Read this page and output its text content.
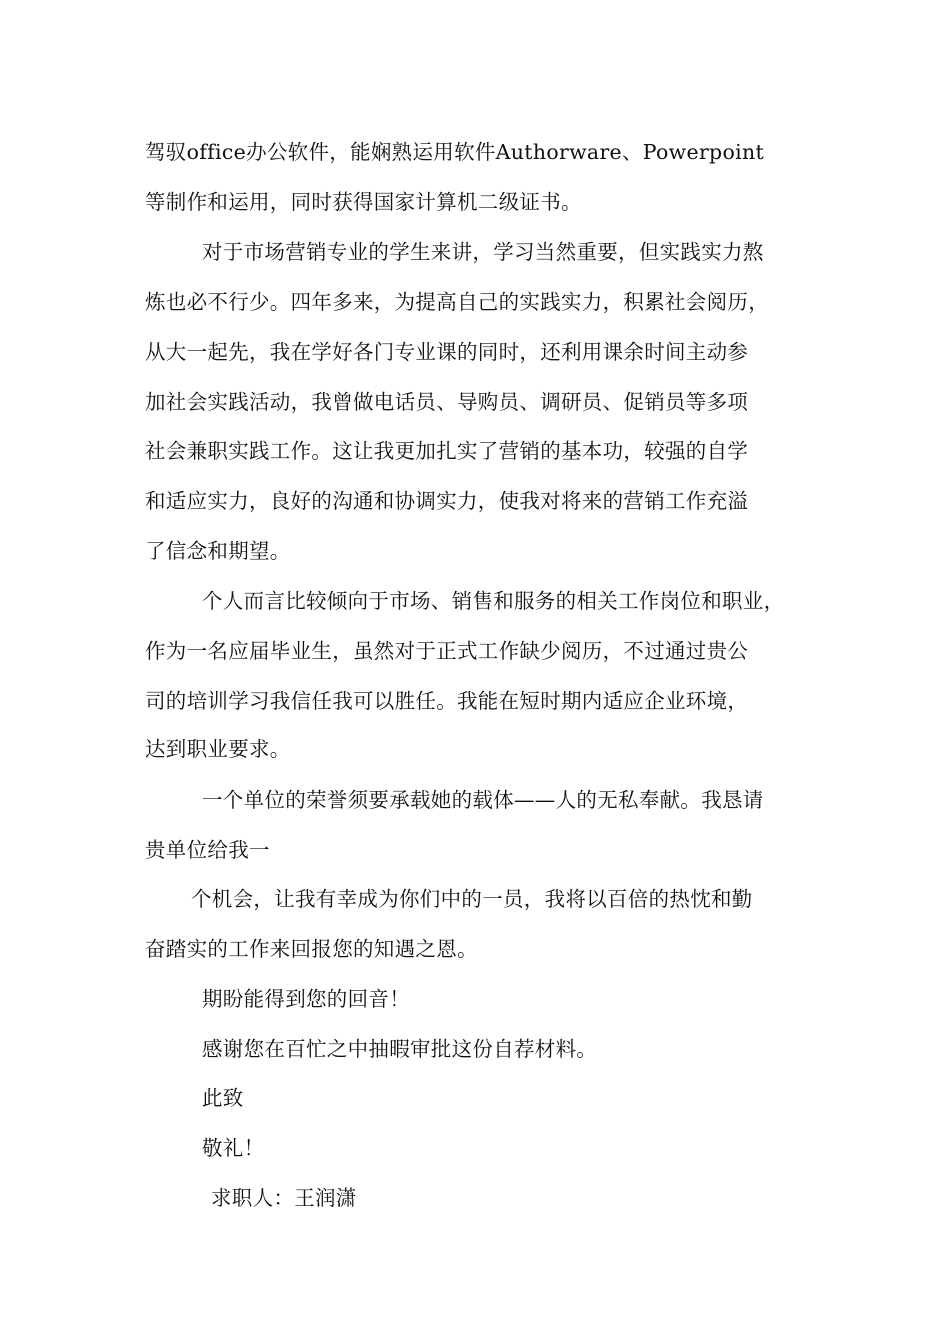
驾驭office办公软件，能娴熟运用软件Authorware、Powerpoint
等制作和运用，同时获得国家计算机二级证书。
对于市场营销专业的学生来讲，学习当然重要，但实践实力熬
炼也必不行少。四年多来，为提高自己的实践实力，积累社会阅历，
从大一起先，我在学好各门专业课的同时，还利用课余时间主动参
加社会实践活动，我曾做电话员、导购员、调研员、促销员等多项
社会兼职实践工作。这让我更加扎实了营销的基本功，较强的自学
和适应实力，良好的沟通和协调实力，使我对将来的营销工作充溢
了信念和期望。
个人而言比较倾向于市场、销售和服务的相关工作岗位和职业，
作为一名应届毕业生，虽然对于正式工作缺少阅历，不过通过贵公
司的培训学习我信任我可以胜任。我能在短时期内适应企业环境，
达到职业要求。
一个单位的荣誉须要承载她的载体——人的无私奉献。我恳请
贵单位给我一
个机会，让我有幸成为你们中的一员，我将以百倍的热忱和勤
奋踏实的工作来回报您的知遇之恩。
期盼能得到您的回音！
感谢您在百忙之中抽暇审批这份自荐材料。
此致
敬礼！
求职人：王润潇
